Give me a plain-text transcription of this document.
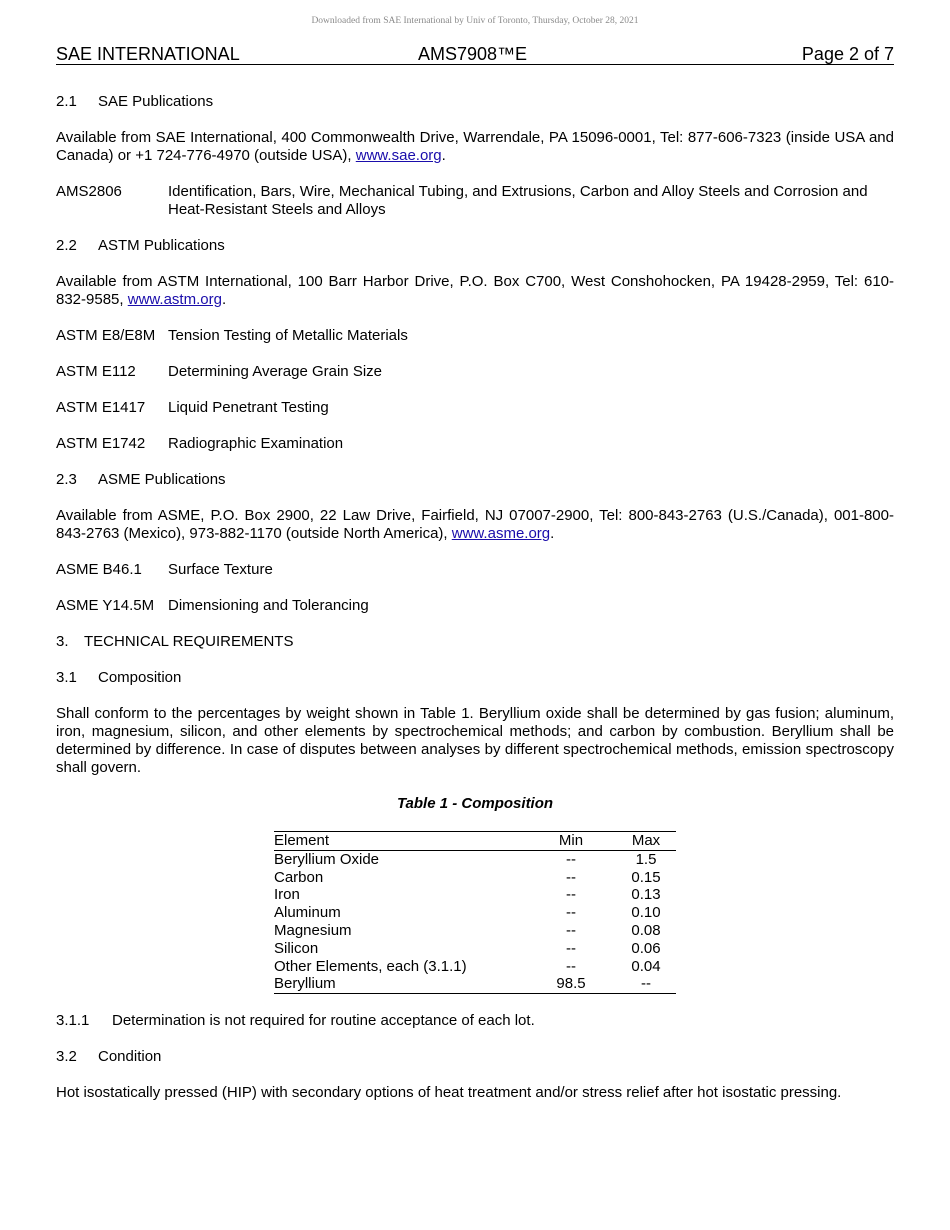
Downloaded from SAE International by Univ of Toronto, Thursday, October 28, 2021
SAE INTERNATIONAL	AMS7908™E	Page 2 of 7
2.1 SAE Publications
Available from SAE International, 400 Commonwealth Drive, Warrendale, PA 15096-0001, Tel: 877-606-7323 (inside USA and Canada) or +1 724-776-4970 (outside USA), www.sae.org.
AMS2806	Identification, Bars, Wire, Mechanical Tubing, and Extrusions, Carbon and Alloy Steels and Corrosion and Heat-Resistant Steels and Alloys
2.2 ASTM Publications
Available from ASTM International, 100 Barr Harbor Drive, P.O. Box C700, West Conshohocken, PA 19428-2959, Tel: 610-832-9585, www.astm.org.
ASTM E8/E8M Tension Testing of Metallic Materials
ASTM E112	Determining Average Grain Size
ASTM E1417	Liquid Penetrant Testing
ASTM E1742	Radiographic Examination
2.3 ASME Publications
Available from ASME, P.O. Box 2900, 22 Law Drive, Fairfield, NJ 07007-2900, Tel: 800-843-2763 (U.S./Canada), 001-800-843-2763 (Mexico), 973-882-1170 (outside North America), www.asme.org.
ASME B46.1	Surface Texture
ASME Y14.5M Dimensioning and Tolerancing
3. TECHNICAL REQUIREMENTS
3.1 Composition
Shall conform to the percentages by weight shown in Table 1. Beryllium oxide shall be determined by gas fusion; aluminum, iron, magnesium, silicon, and other elements by spectrochemical methods; and carbon by combustion. Beryllium shall be determined by difference. In case of disputes between analyses by different spectrochemical methods, emission spectroscopy shall govern.
Table 1 - Composition
Element	Min	Max
Beryllium Oxide	--	1.5
Carbon	--	0.15
Iron	--	0.13
Aluminum	--	0.10
Magnesium	--	0.08
Silicon	--	0.06
Other Elements, each (3.1.1)	--	0.04
Beryllium	98.5	--
3.1.1 Determination is not required for routine acceptance of each lot.
3.2 Condition
Hot isostatically pressed (HIP) with secondary options of heat treatment and/or stress relief after hot isostatic pressing.
